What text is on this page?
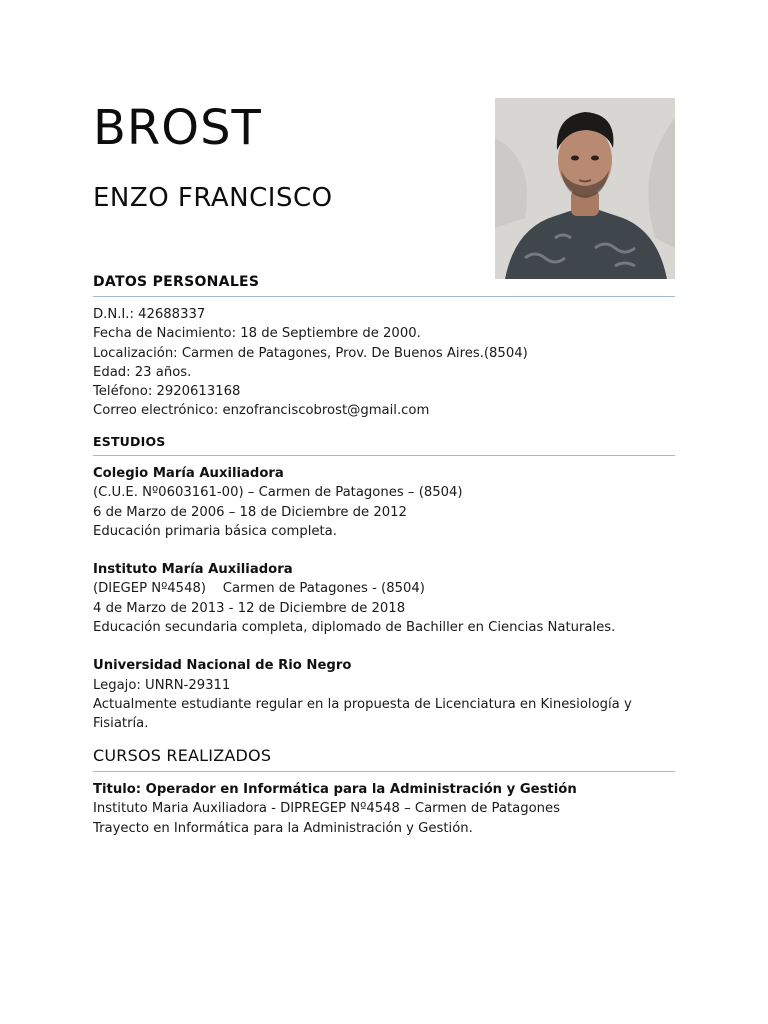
BROST
ENZO FRANCISCO
DATOS PERSONALES
D.N.I.: 42688337
Fecha de Nacimiento: 18 de Septiembre de 2000.
Localización: Carmen de Patagones, Prov. De Buenos Aires.(8504)
Edad: 23 años.
Teléfono: 2920613168
Correo electrónico: enzofranciscobrost@gmail.com
ESTUDIOS
Colegio María Auxiliadora
(C.U.E. Nº0603161-00) – Carmen de Patagones – (8504)
6 de Marzo de 2006 – 18 de Diciembre de 2012
Educación primaria básica completa.
Instituto María Auxiliadora
(DIEGEP Nº4548)    Carmen de Patagones - (8504)
4 de Marzo de 2013 - 12 de Diciembre de 2018
Educación secundaria completa, diplomado de Bachiller en Ciencias Naturales.
Universidad Nacional de Rio Negro
Legajo: UNRN-29311
Actualmente estudiante regular en la propuesta de Licenciatura en Kinesiología y Fisiatría.
CURSOS REALIZADOS
Titulo: Operador en Informática para la Administración y Gestión
Instituto Maria Auxiliadora - DIPREGEP Nº4548 – Carmen de Patagones
Trayecto en Informática para la Administración y Gestión.
